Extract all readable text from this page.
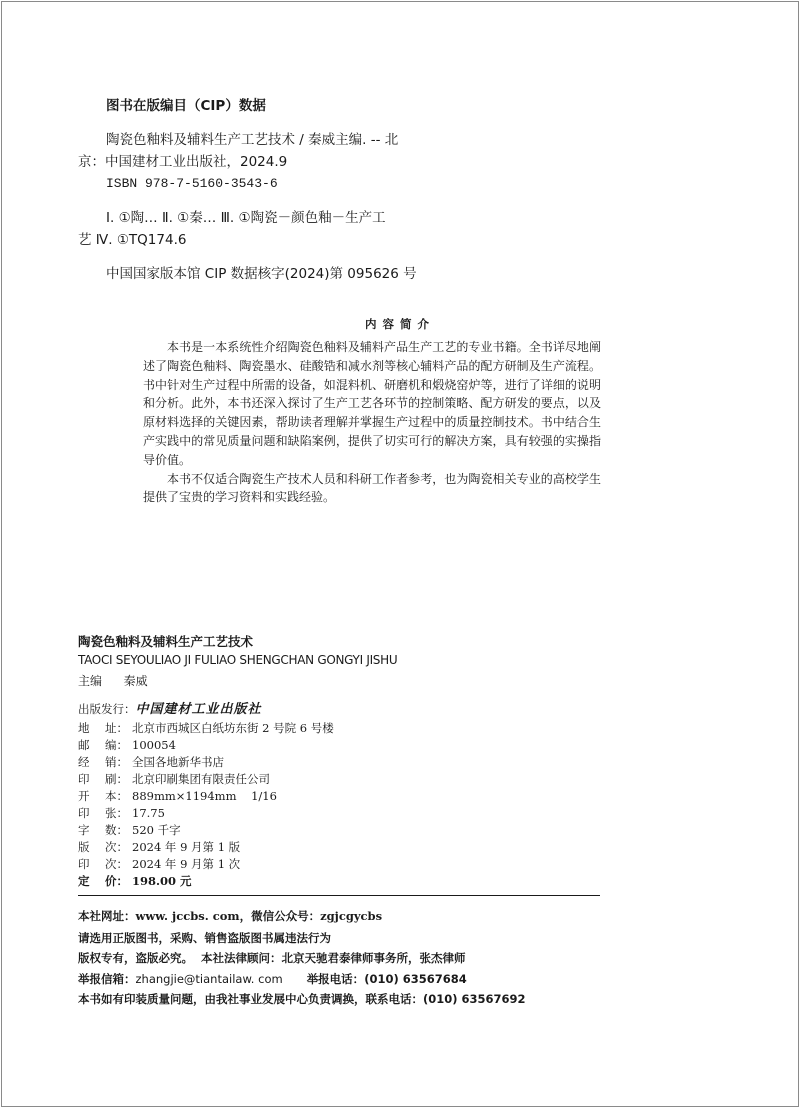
图书在版编目（CIP）数据
陶瓷色釉料及辅料生产工艺技术 / 秦威主编. -- 北
京：中国建材工业出版社，2024.9
ISBN 978-7-5160-3543-6
Ⅰ. ①陶… Ⅱ. ①秦… Ⅲ. ①陶瓷－颜色釉－生产工
艺 Ⅳ. ①TQ174.6
中国国家版本馆 CIP 数据核字(2024)第 095626 号
内容简介

本书是一本系统性介绍陶瓷色釉料及辅料产品生产工艺的专业书籍。全书详尽地阐述了陶瓷色釉料、陶瓷墨水、硅酸锆和减水剂等核心辅料产品的配方研制及生产流程。书中针对生产过程中所需的设备，如混料机、研磨机和煅烧窑炉等，进行了详细的说明和分析。此外，本书还深入探讨了生产工艺各环节的控制策略、配方研发的要点，以及原材料选择的关键因素，帮助读者理解并掌握生产过程中的质量控制技术。书中结合生产实践中的常见质量问题和缺陷案例，提供了切实可行的解决方案，具有较强的实操指导价值。

本书不仅适合陶瓷生产技术人员和科研工作者参考，也为陶瓷相关专业的高校学生提供了宝贵的学习资料和实践经验。

陶瓷色釉料及辅料生产工艺技术
TAOCI SEYOULIAO JI FULIAO SHENGCHAN GONGYI JISHU
主编 秦威
出版发行：中国建材工业出版社
地 址： 北京市西城区白纸坊东街 2 号院 6 号楼
邮 编： 100054
经 销： 全国各地新华书店
印 刷： 北京印刷集团有限责任公司
开 本： 889mm×1194mm    1/16
印 张： 17.75
字 数： 520 千字
版 次： 2024 年 9 月第 1 版
印 次： 2024 年 9 月第 1 次
定 价： 198.00 元
本社网址：www. jccbs. com，微信公众号：zgjcgycbs
请选用正版图书，采购、销售盗版图书属违法行为
版权专有，盗版必究。 本社法律顾问：北京天驰君泰律师事务所，张杰律师
举报信箱：zhangjie@tiantailaw. com 举报电话：(010) 63567684
本书如有印装质量问题，由我社事业发展中心负责调换，联系电话：(010) 63567692
